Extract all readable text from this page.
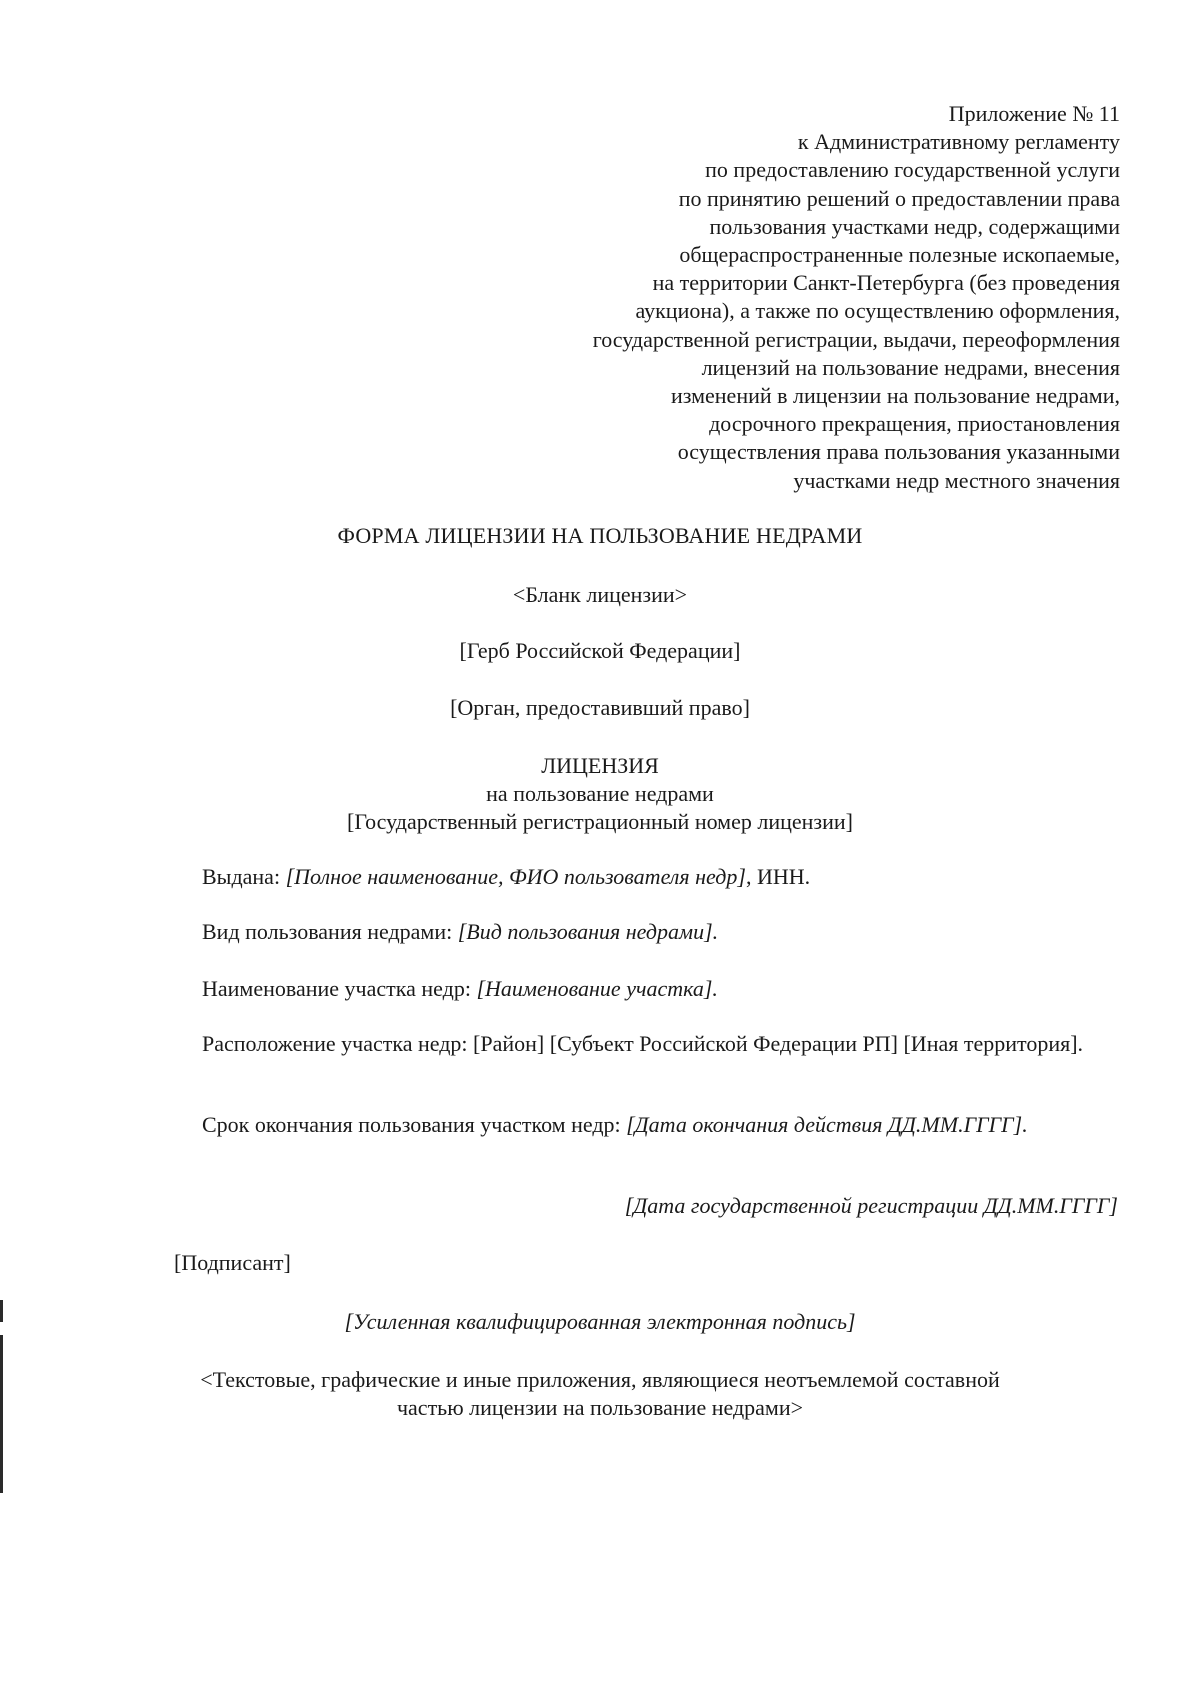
Приложение № 11
к Административному регламенту
по предоставлению государственной услуги
по принятию решений о предоставлении права
пользования участками недр, содержащими
общераспространенные полезные ископаемые,
на территории Санкт-Петербурга (без проведения
аукциона), а также по осуществлению оформления,
государственной регистрации, выдачи, переоформления
лицензий на пользование недрами, внесения
изменений в лицензии на пользование недрами,
досрочного прекращения, приостановления
осуществления права пользования указанными
участками недр местного значения
ФОРМА ЛИЦЕНЗИИ НА ПОЛЬЗОВАНИЕ НЕДРАМИ
<Бланк лицензии>
[Герб Российской Федерации]
[Орган, предоставивший право]
ЛИЦЕНЗИЯ
на пользование недрами
[Государственный регистрационный номер лицензии]
Выдана: [Полное наименование, ФИО пользователя недр], ИНН.
Вид пользования недрами: [Вид пользования недрами].
Наименование участка недр: [Наименование участка].
Расположение участка недр: [Район] [Субъект Российской Федерации РП] [Иная территория].
Срок окончания пользования участком недр: [Дата окончания действия ДД.ММ.ГГГГ].
[Дата государственной регистрации ДД.ММ.ГГГГ]
[Подписант]
[Усиленная квалифицированная электронная подпись]
<Текстовые, графические и иные приложения, являющиеся неотъемлемой составной
частью лицензии на пользование недрами>
